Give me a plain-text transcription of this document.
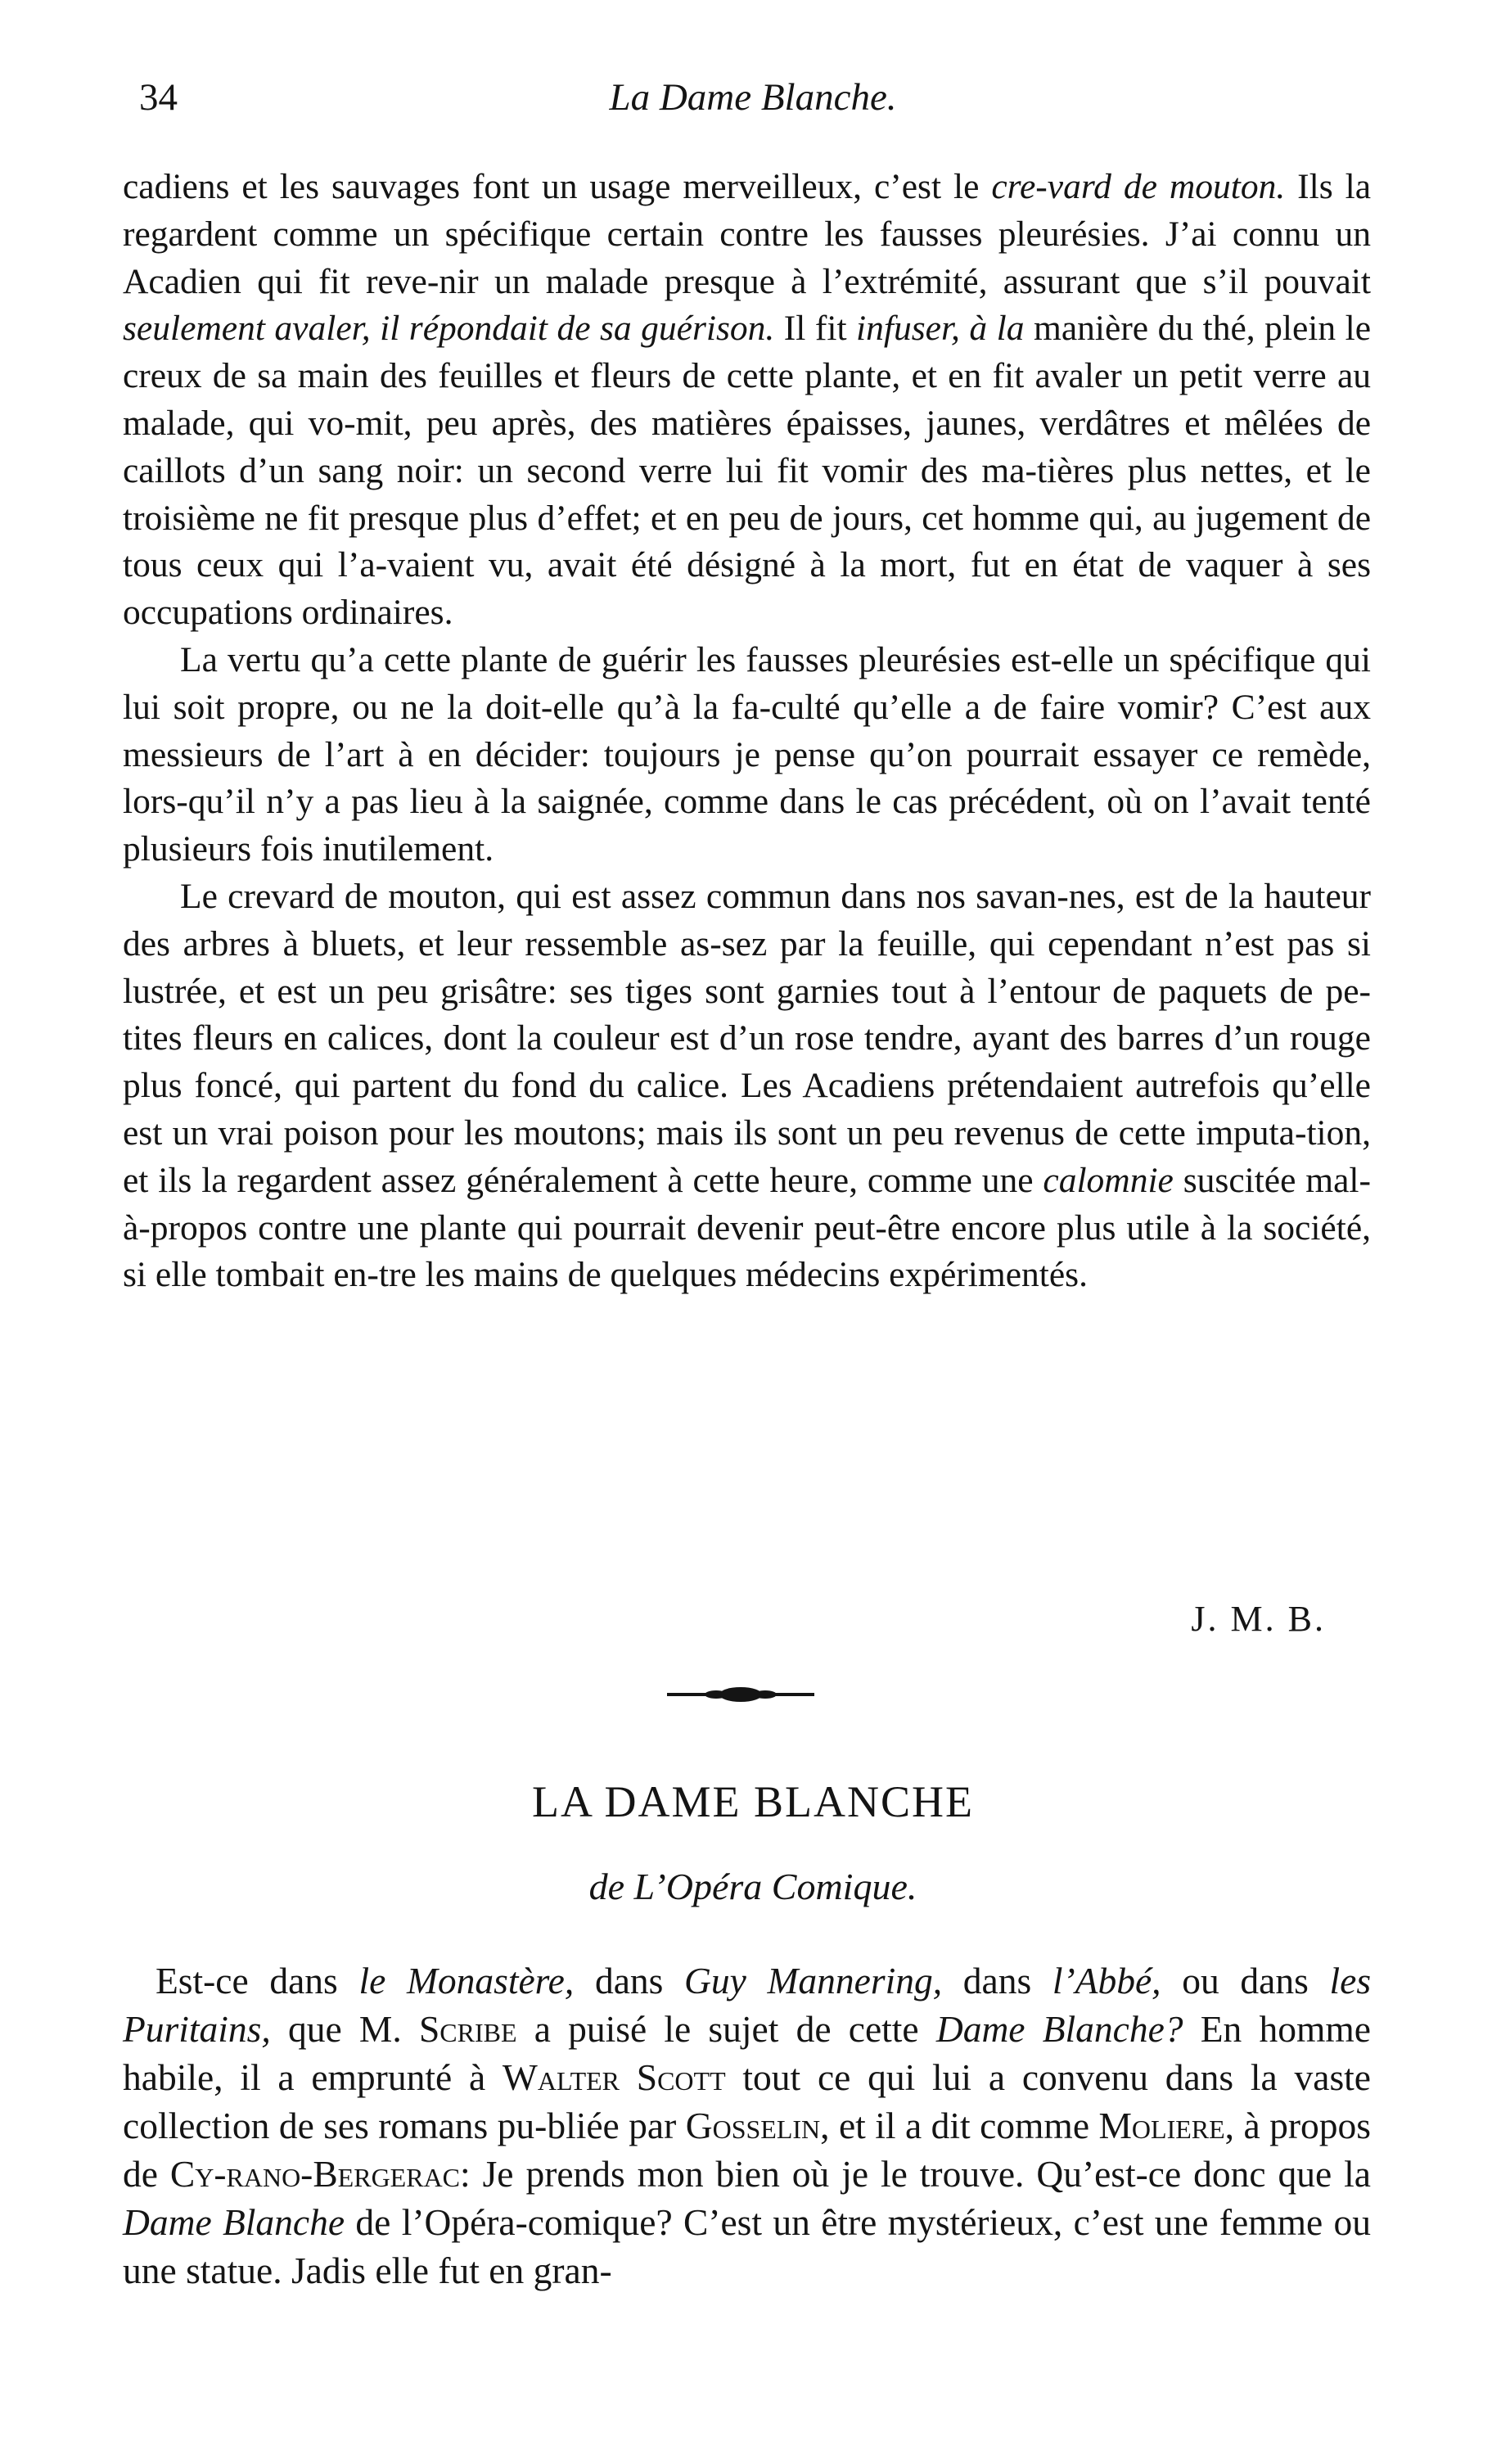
34	La Dame Blanche.

cadiens et les sauvages font un usage merveilleux, c’est le cre-vard de mouton. Ils la regardent comme un spécifique certain contre les fausses pleurésies. J’ai connu un Acadien qui fit reve-nir un malade presque à l’extrémité, assurant que s’il pouvait seulement avaler, il répondait de sa guérison. Il fit infuser, à la manière du thé, plein le creux de sa main des feuilles et fleurs de cette plante, et en fit avaler un petit verre au malade, qui vo-mit, peu après, des matières épaisses, jaunes, verdâtres et mêlées de caillots d’un sang noir: un second verre lui fit vomir des ma-tières plus nettes, et le troisième ne fit presque plus d’effet; et en peu de jours, cet homme qui, au jugement de tous ceux qui l’a-vaient vu, avait été désigné à la mort, fut en état de vaquer à ses occupations ordinaires.

La vertu qu’a cette plante de guérir les fausses pleurésies est-elle un spécifique qui lui soit propre, ou ne la doit-elle qu’à la fa-culté qu’elle a de faire vomir? C’est aux messieurs de l’art à en décider: toujours je pense qu’on pourrait essayer ce remède, lors-qu’il n’y a pas lieu à la saignée, comme dans le cas précédent, où on l’avait tenté plusieurs fois inutilement.

Le crevard de mouton, qui est assez commun dans nos savan-nes, est de la hauteur des arbres à bluets, et leur ressemble as-sez par la feuille, qui cependant n’est pas si lustrée, et est un peu grisâtre: ses tiges sont garnies tout à l’entour de paquets de pe-tites fleurs en calices, dont la couleur est d’un rose tendre, ayant des barres d’un rouge plus foncé, qui partent du fond du calice. Les Acadiens prétendaient autrefois qu’elle est un vrai poison pour les moutons; mais ils sont un peu revenus de cette imputa-tion, et ils la regardent assez généralement à cette heure, comme une calomnie suscitée mal-à-propos contre une plante qui pourrait devenir peut-être encore plus utile à la société, si elle tombait en-tre les mains de quelques médecins expérimentés.

J. M. B.
LA DAME BLANCHE
de L’Opéra Comique.

Est-ce dans le Monastère, dans Guy Mannering, dans l’Abbé, ou dans les Puritains, que M. Scribe a puisé le sujet de cette Dame Blanche? En homme habile, il a emprunté à Walter Scott tout ce qui lui a convenu dans la vaste collection de ses romans pu-bliée par Gosselin, et il a dit comme Moliere, à propos de Cy-rano-Bergerac: Je prends mon bien où je le trouve. Qu’est-ce donc que la Dame Blanche de l’Opéra-comique? C’est un être mystérieux, c’est une femme ou une statue. Jadis elle fut en gran-
